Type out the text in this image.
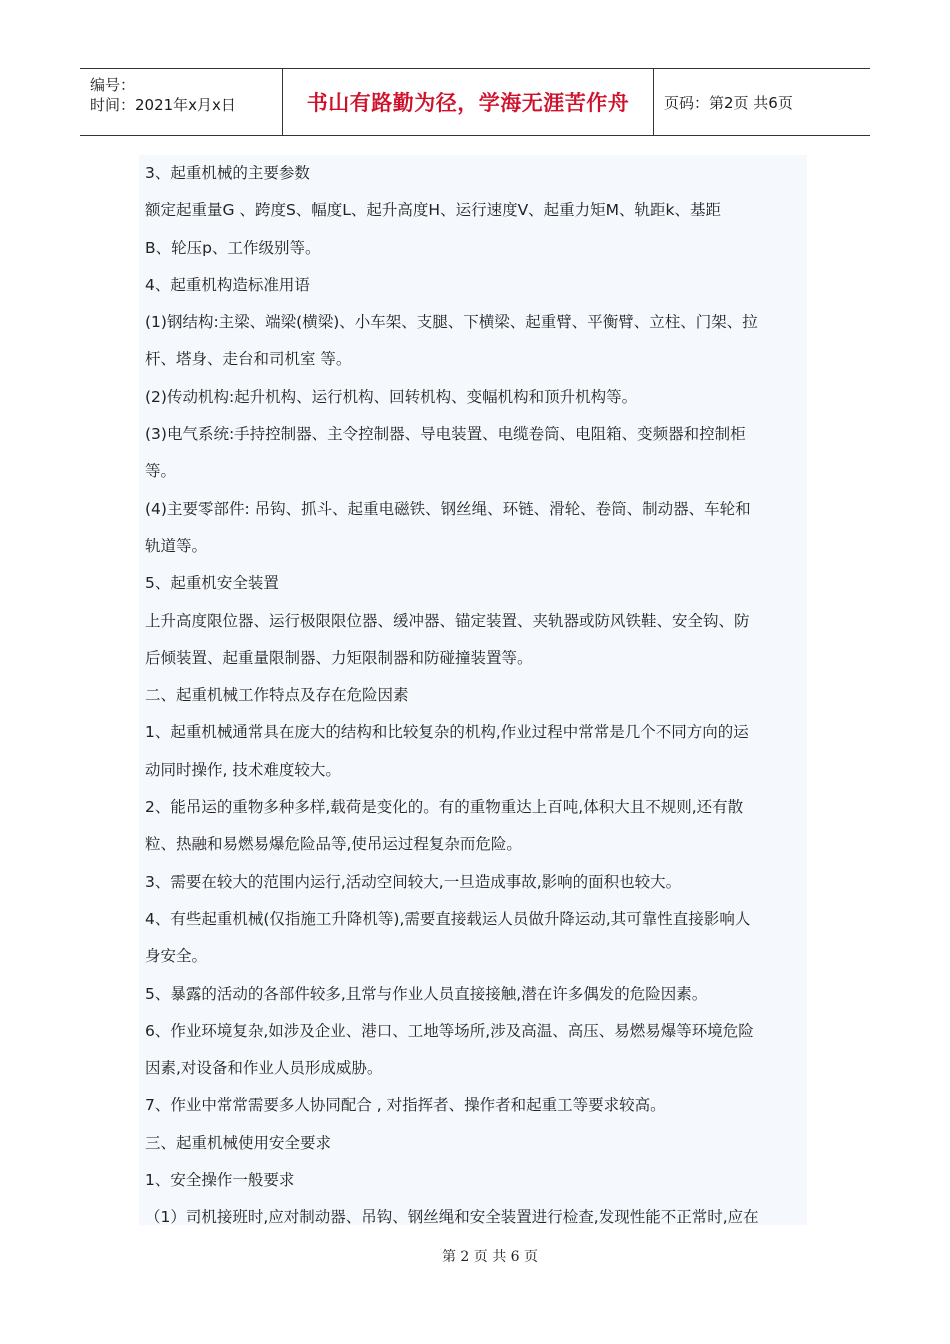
编号：
时间：2021年x月x日	书山有路勤为径，学海无涯苦作舟	页码：第2页 共6页
3、起重机械的主要参数
额定起重量G 、跨度S、幅度L、起升高度H、运行速度V、起重力矩M、轨距k、基距
B、轮压p、工作级别等。
4、起重机构造标准用语
(1)钢结构:主梁、端梁(横梁)、小车架、支腿、下横梁、起重臂、平衡臂、立柱、门架、拉
杆、塔身、走台和司机室 等。
(2)传动机构:起升机构、运行机构、回转机构、变幅机构和顶升机构等。
(3)电气系统:手持控制器、主令控制器、导电装置、电缆卷筒、电阻箱、变频器和控制柜
等。
(4)主要零部件: 吊钩、抓斗、起重电磁铁、钢丝绳、环链、滑轮、卷筒、制动器、车轮和
轨道等。
5、起重机安全装置
上升高度限位器、运行极限限位器、缓冲器、锚定装置、夹轨器或防风铁鞋、安全钩、防
后倾装置、起重量限制器、力矩限制器和防碰撞装置等。
二、起重机械工作特点及存在危险因素
1、起重机械通常具在庞大的结构和比较复杂的机构,作业过程中常常是几个不同方向的运
动同时操作, 技术难度较大。
2、能吊运的重物多种多样,载荷是变化的。有的重物重达上百吨,体积大且不规则,还有散
粒、热融和易燃易爆危险品等,使吊运过程复杂而危险。
3、需要在较大的范围内运行,活动空间较大,一旦造成事故,影响的面积也较大。
4、有些起重机械(仅指施工升降机等),需要直接载运人员做升降运动,其可靠性直接影响人
身安全。
5、暴露的活动的各部件较多,且常与作业人员直接接触,潜在许多偶发的危险因素。
6、作业环境复杂,如涉及企业、港口、工地等场所,涉及高温、高压、易燃易爆等环境危险
因素,对设备和作业人员形成威胁。
7、作业中常常需要多人协同配合 , 对指挥者、操作者和起重工等要求较高。
三、起重机械使用安全要求
1、安全操作一般要求
（1）司机接班时,应对制动器、吊钩、钢丝绳和安全装置进行检查,发现性能不正常时,应在
第 2 页 共 6 页
